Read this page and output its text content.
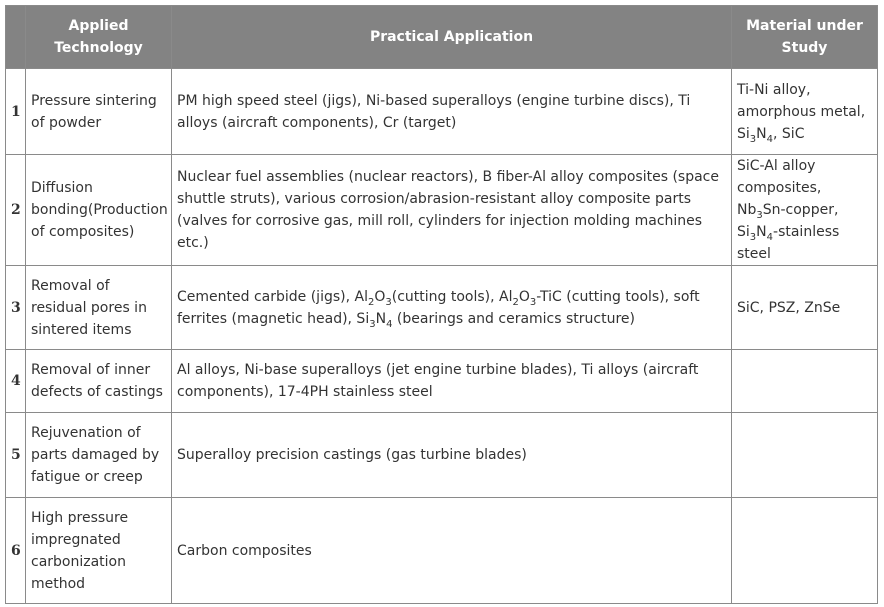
	Applied Technology	Practical Application	Material under Study
1	Pressure sintering of powder	PM high speed steel (jigs), Ni-based superalloys (engine turbine discs), Ti alloys (aircraft components), Cr (target)	Ti-Ni alloy, amorphous metal, $Si_3N_4$, SiC
2	Diffusion bonding(Production of composites)	Nuclear fuel assemblies (nuclear reactors), B fiber-Al alloy composites (space shuttle struts), various corrosion/abrasion-resistant alloy composite parts (valves for corrosive gas, mill roll, cylinders for injection molding machines etc.)	SiC-Al alloy composites, $Nb_3Sn$-copper, $Si_3N_4$-stainless steel
3	Removal of residual pores in sintered items	Cemented carbide (jigs), $Al_2O_3(cutting$ tools), $Al_2O_3$-TiC (cutting tools), soft ferrites (magnetic head), $Si_3N_4$ (bearings and ceramics structure)	SiC, PSZ, ZnSe
4	Removal of inner defects of castings	Al alloys, Ni-base superalloys (jet engine turbine blades), Ti alloys (aircraft components), 17-4PH stainless steel	
5	Rejuvenation of parts damaged by fatigue or creep	Superalloy precision castings (gas turbine blades)	
6	High pressure impregnated carbonization method	Carbon composites	
